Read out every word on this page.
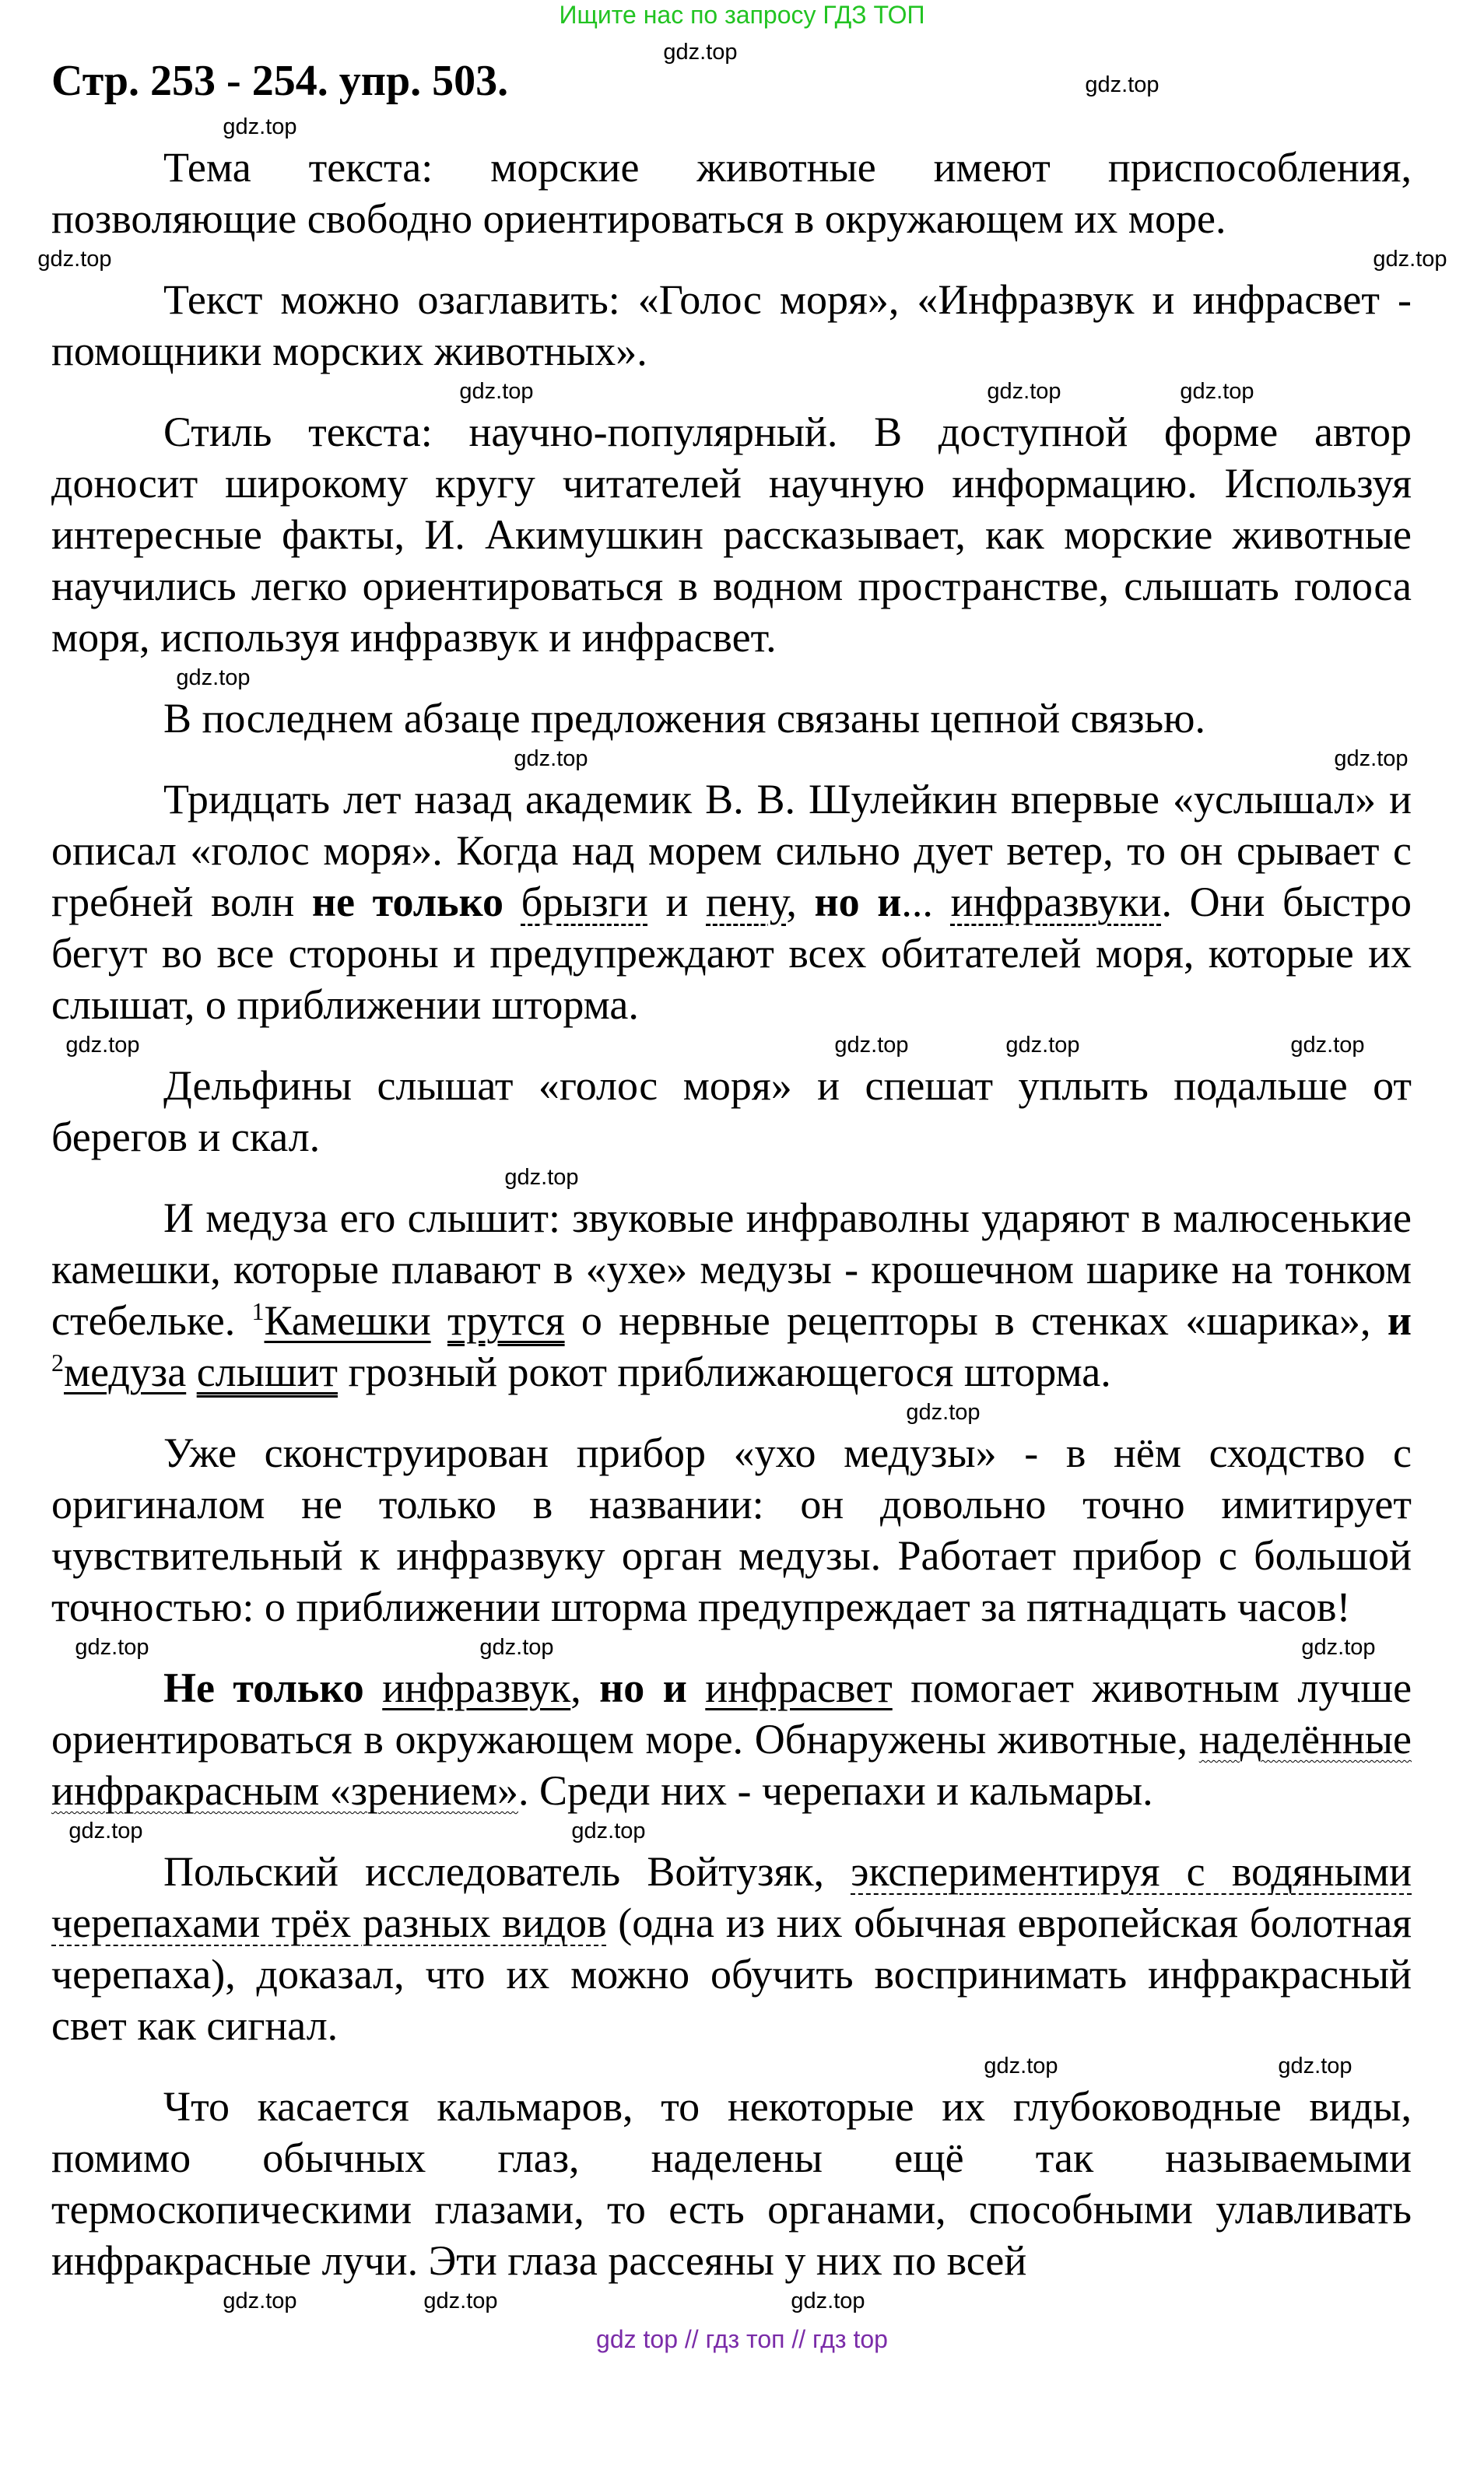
Ищите нас по запросу ГДЗ ТОП
Стр. 253 - 254. упр. 503.
gdz.top
gdz.top
gdz.top
Тема текста: морские животные имеют приспособления, позволяющие свободно ориентироваться в окружающем их море.
gdz.top	gdz.top
Текст можно озаглавить: «Голос моря», «Инфразвук и инфрасвет - помощники морских животных».
gdz.top	gdz.top	gdz.top
Стиль текста: научно-популярный. В доступной форме автор доносит широкому кругу читателей научную информацию. Используя интересные факты, И. Акимушкин рассказывает, как морские животные научились легко ориентироваться в водном пространстве, слышать голоса моря, используя инфразвук и инфрасвет.
gdz.top
В последнем абзаце предложения связаны цепной связью.
gdz.top	gdz.top
Тридцать лет назад академик В. В. Шулейкин впервые «услышал» и описал «голос моря». Когда над морем сильно дует ветер, то он срывает с гребней волн не только брызги и пену, но и... инфразвуки. Они быстро бегут во все стороны и предупреждают всех обитателей моря, которые их слышат, о приближении шторма.
gdz.top	gdz.top	gdz.top	gdz.top
Дельфины слышат «голос моря» и спешат уплыть подальше от берегов и скал.
gdz.top
И медуза его слышит: звуковые инфраволны ударяют в малюсенькие камешки, которые плавают в «ухе» медузы - крошечном шарике на тонком стебельке. $^1$Камешки трутся о нервные рецепторы в стенках «шарика», и $^2$медуза слышит грозный рокот приближающегося шторма.
gdz.top
Уже сконструирован прибор «ухо медузы» - в нём сходство с оригиналом не только в названии: он довольно точно имитирует чувствительный к инфразвуку орган медузы. Работает прибор с большой точностью: о приближении шторма предупреждает за пятнадцать часов!
gdz.top	gdz.top	gdz.top
Не только инфразвук, но и инфрасвет помогает животным лучше ориентироваться в окружающем море. Обнаружены животные, наделённые инфракрасным «зрением». Среди них - черепахи и кальмары.
gdz.top	gdz.top
Польский исследователь Войтузяк, экспериментируя с водяными черепахами трёх разных видов (одна из них обычная европейская болотная черепаха), доказал, что их можно обучить воспринимать инфракрасный свет как сигнал.
gdz.top	gdz.top
Что касается кальмаров, то некоторые их глубоководные виды, помимо обычных глаз, наделены ещё так называемыми термоскопическими глазами, то есть органами, способными улавливать инфракрасные лучи. Эти глаза рассеяны у них по всей
gdz.top	gdz.top	gdz.top
gdz top // гдз топ // гдз top
